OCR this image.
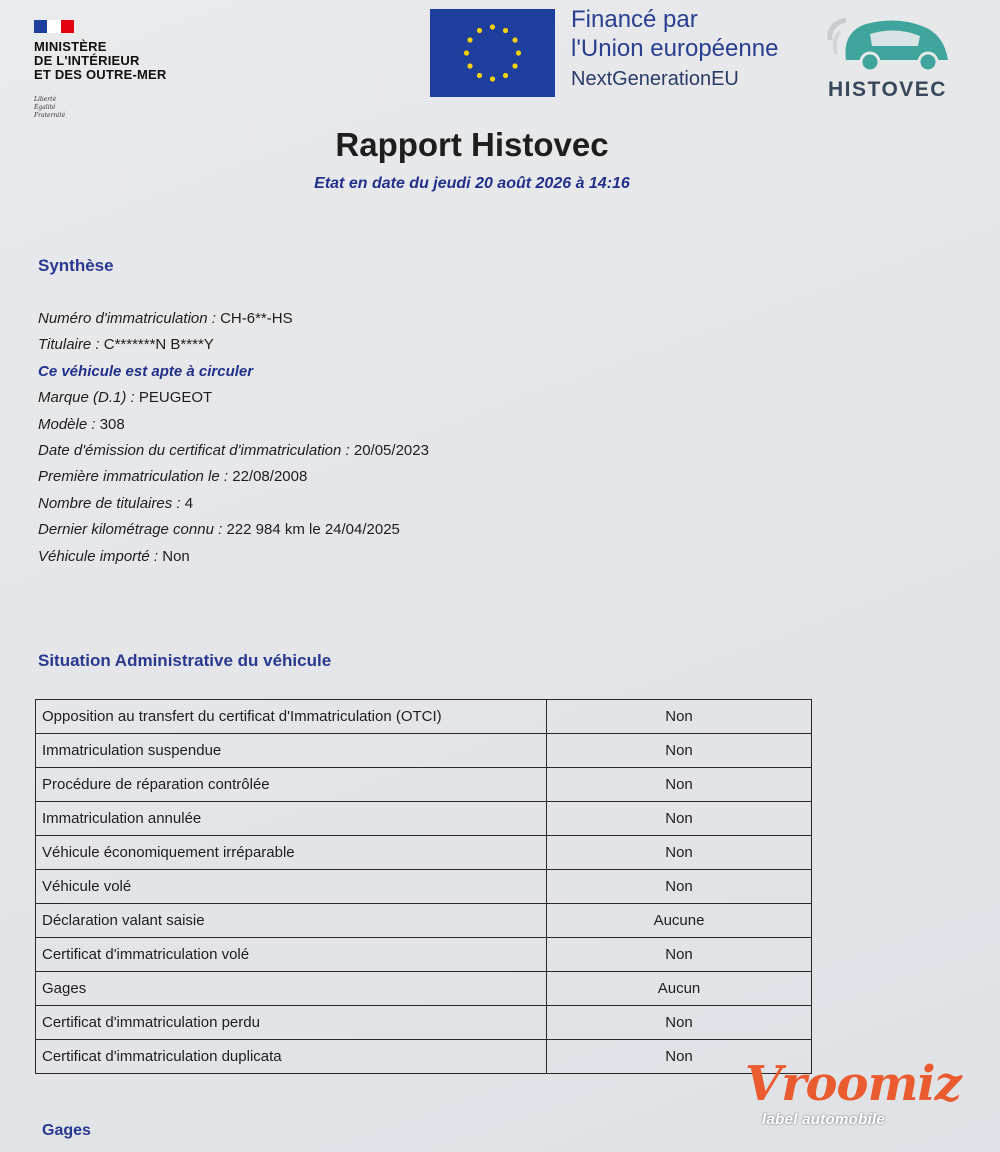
MINISTÈRE
DE L'INTÉRIEUR
ET DES OUTRE-MER
Liberté
Égalité
Fraternité
Financé par
l'Union européenne
NextGenerationEU	HISTOVEC
Rapport Histovec
Etat en date du jeudi 20 août 2026 à 14:16
Synthèse
Numéro d'immatriculation : CH-6**-HS
Titulaire : C*******N B****Y
Ce véhicule est apte à circuler
Marque (D.1) : PEUGEOT
Modèle : 308
Date d'émission du certificat d'immatriculation : 20/05/2023
Première immatriculation le : 22/08/2008
Nombre de titulaires : 4
Dernier kilométrage connu : 222 984 km le 24/04/2025
Véhicule importé : Non
Situation Administrative du véhicule
Opposition au transfert du certificat d'Immatriculation (OTCI)	Non
Immatriculation suspendue	Non
Procédure de réparation contrôlée	Non
Immatriculation annulée	Non
Véhicule économiquement irréparable	Non
Véhicule volé	Non
Déclaration valant saisie	Aucune
Certificat d'immatriculation volé	Non
Gages	Aucun
Certificat d'immatriculation perdu	Non
Certificat d'immatriculation duplicata	Non
Gages
Vroomiz
label automobile
